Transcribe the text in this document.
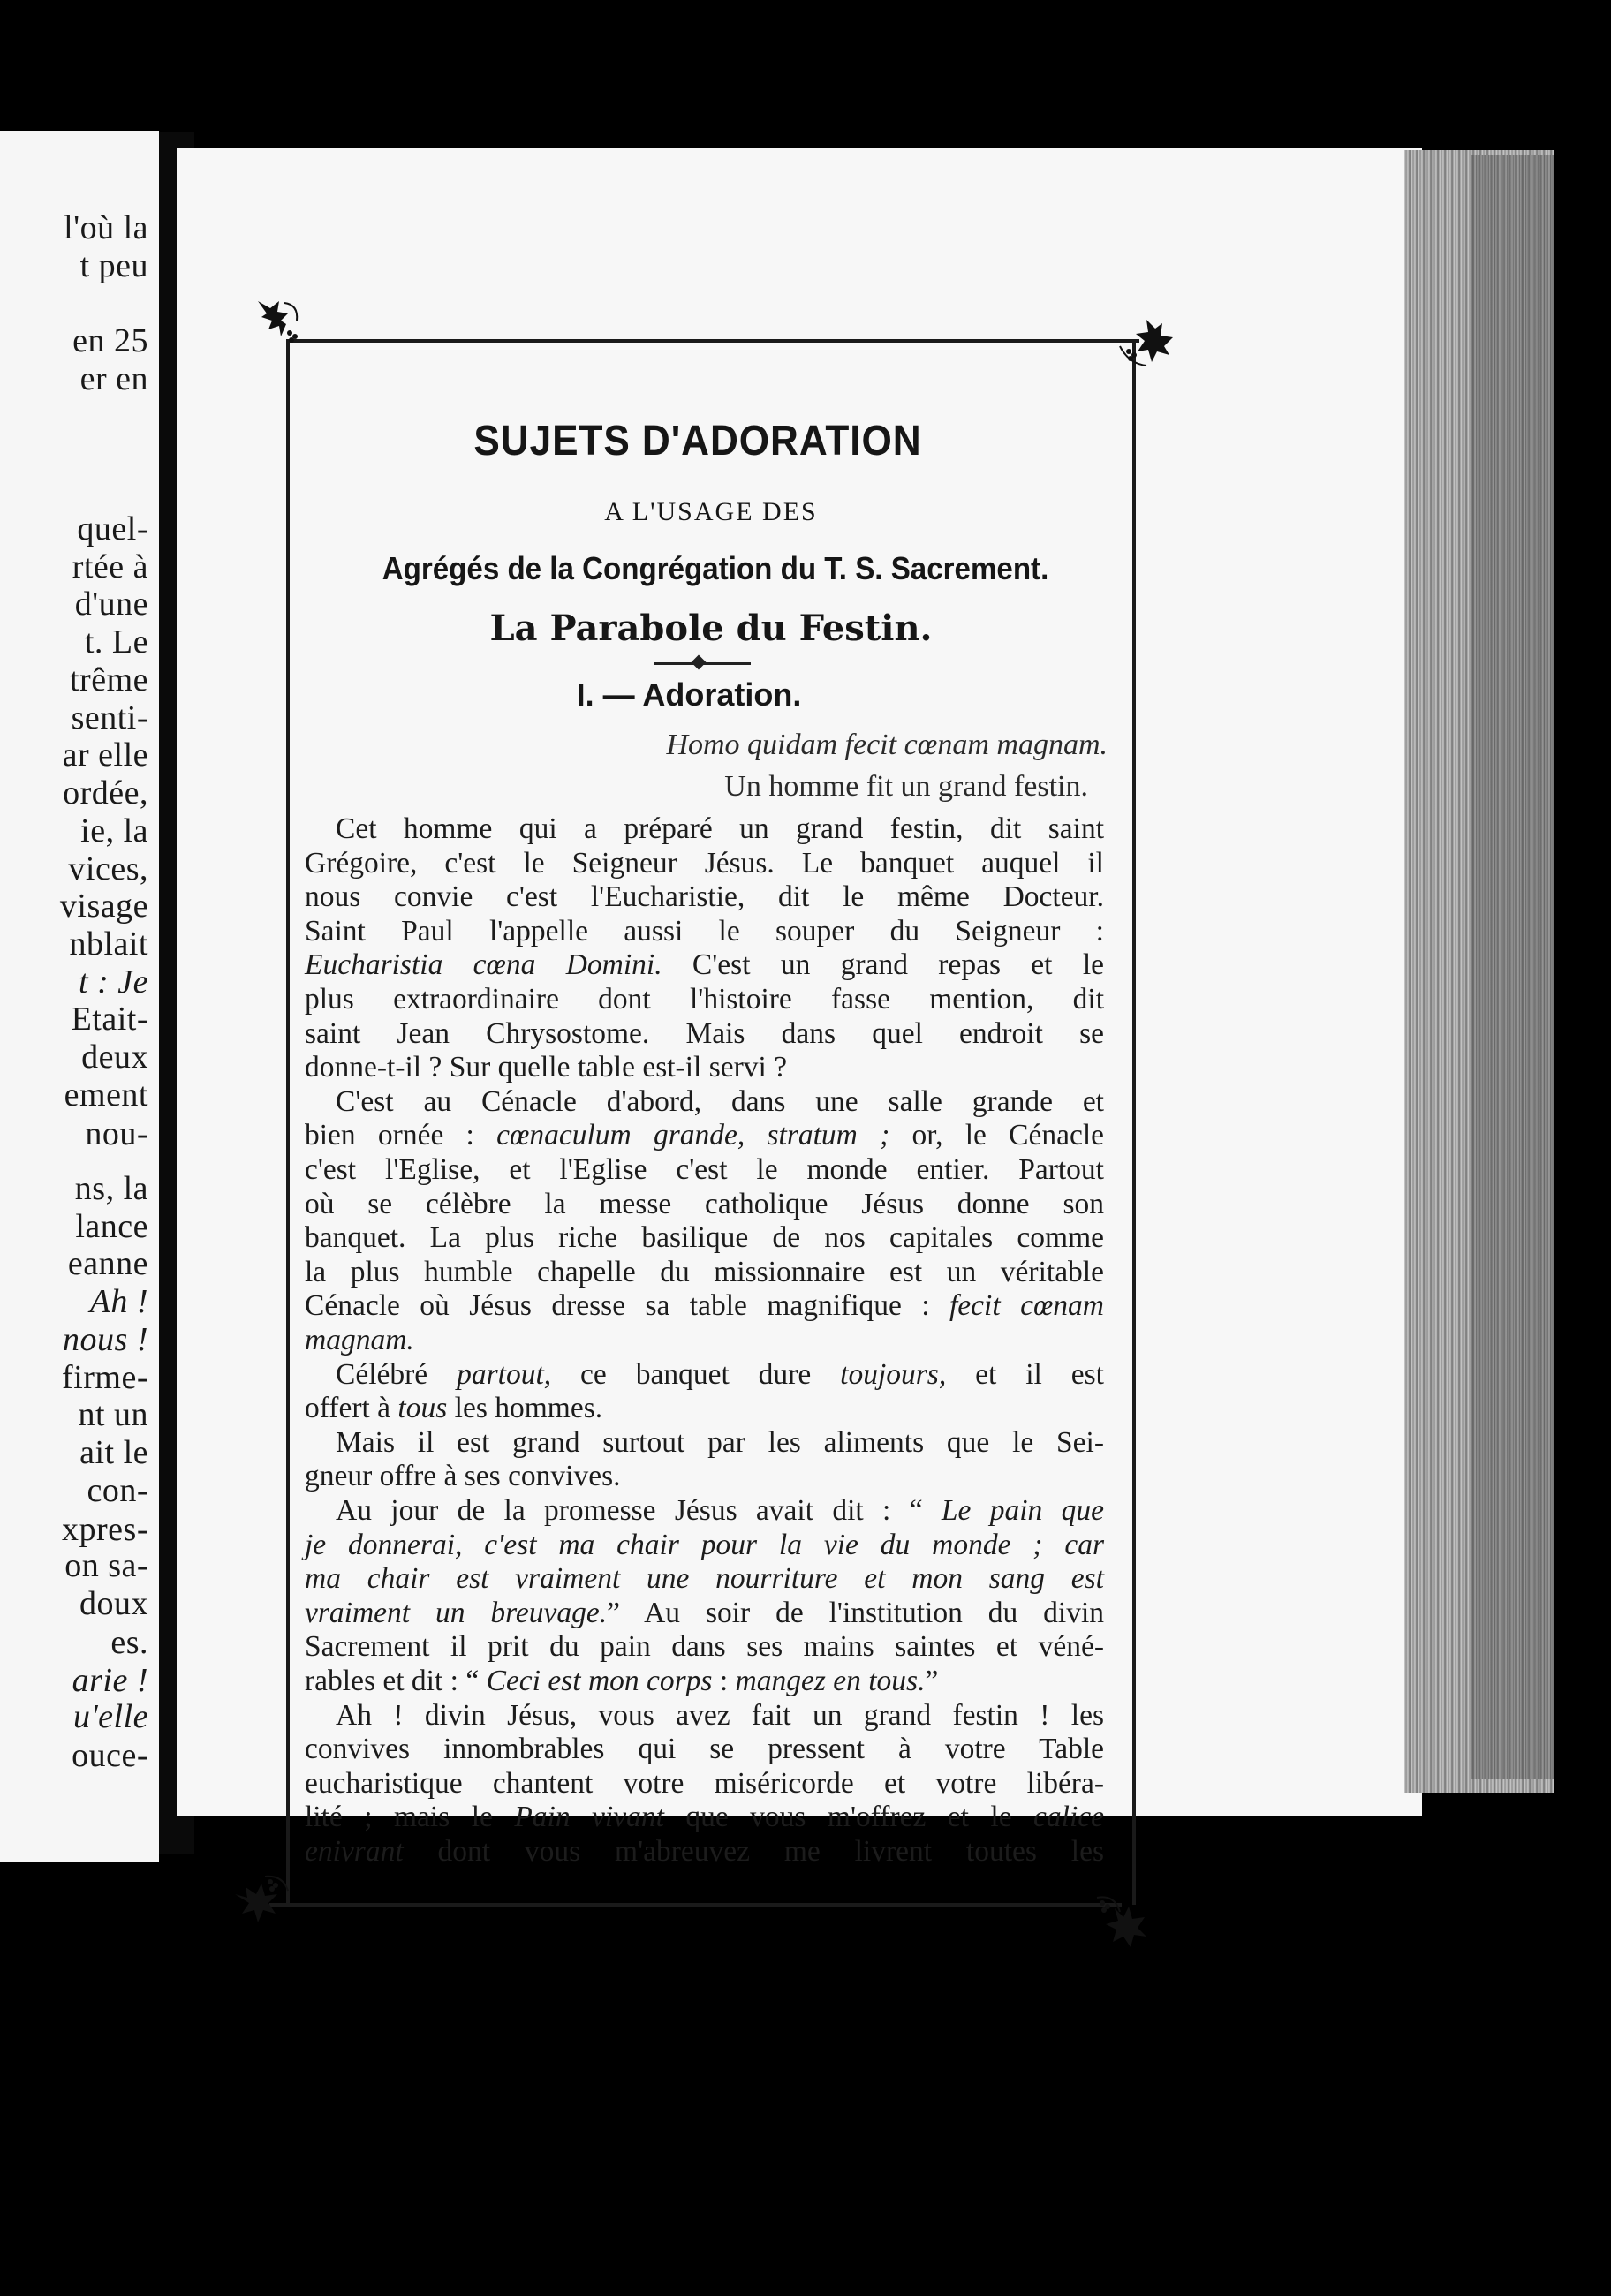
l'où la
t peu
en 25
er en
quel-
rtée à
d'une
t. Le
trême
senti-
ar elle
ordée,
ie, la
vices,
visage
nblait
t : Je
Etait-
deux
ement
nou-
ns, la
lance
eanne
Ah !
nous !
firme-
nt un
ait le
con-
xpres-
on sa-
doux
es.
arie !
u'elle
ouce-
SUJETS D'ADORATION
A L'USAGE DES
Agrégés de la Congrégation du T. S. Sacrement.
La Parabole du Festin.
I. — Adoration.
Homo quidam fecit cœnam magnam.
Un homme fit un grand festin.
Cet homme qui a préparé un grand festin, dit saint
Grégoire, c'est le Seigneur Jésus. Le banquet auquel il
nous convie c'est l'Eucharistie, dit le même Docteur.
Saint Paul l'appelle aussi le souper du Seigneur :
Eucharistia cœna Domini. C'est un grand repas et le
plus extraordinaire dont l'histoire fasse mention, dit
saint Jean Chrysostome. Mais dans quel endroit se
donne-t-il ? Sur quelle table est-il servi ?
C'est au Cénacle d'abord, dans une salle grande et
bien ornée : cœnaculum grande, stratum ; or, le Cénacle
c'est l'Eglise, et l'Eglise c'est le monde entier. Partout
où se célèbre la messe catholique Jésus donne son
banquet. La plus riche basilique de nos capitales comme
la plus humble chapelle du missionnaire est un véritable
Cénacle où Jésus dresse sa table magnifique : fecit cœnam
magnam.
Célébré partout, ce banquet dure toujours, et il est
offert à tous les hommes.
Mais il est grand surtout par les aliments que le Sei-
gneur offre à ses convives.
Au jour de la promesse Jésus avait dit : “ Le pain que
je donnerai, c'est ma chair pour la vie du monde ; car
ma chair est vraiment une nourriture et mon sang est
vraiment un breuvage.” Au soir de l'institution du divin
Sacrement il prit du pain dans ses mains saintes et véné-
rables et dit : “ Ceci est mon corps : mangez en tous.”
Ah ! divin Jésus, vous avez fait un grand festin ! les
convives innombrables qui se pressent à votre Table
eucharistique chantent votre miséricorde et votre libéra-
lité ; mais le Pain vivant que vous m'offrez et le calice
enivrant dont vous m'abreuvez me livrent toutes les
